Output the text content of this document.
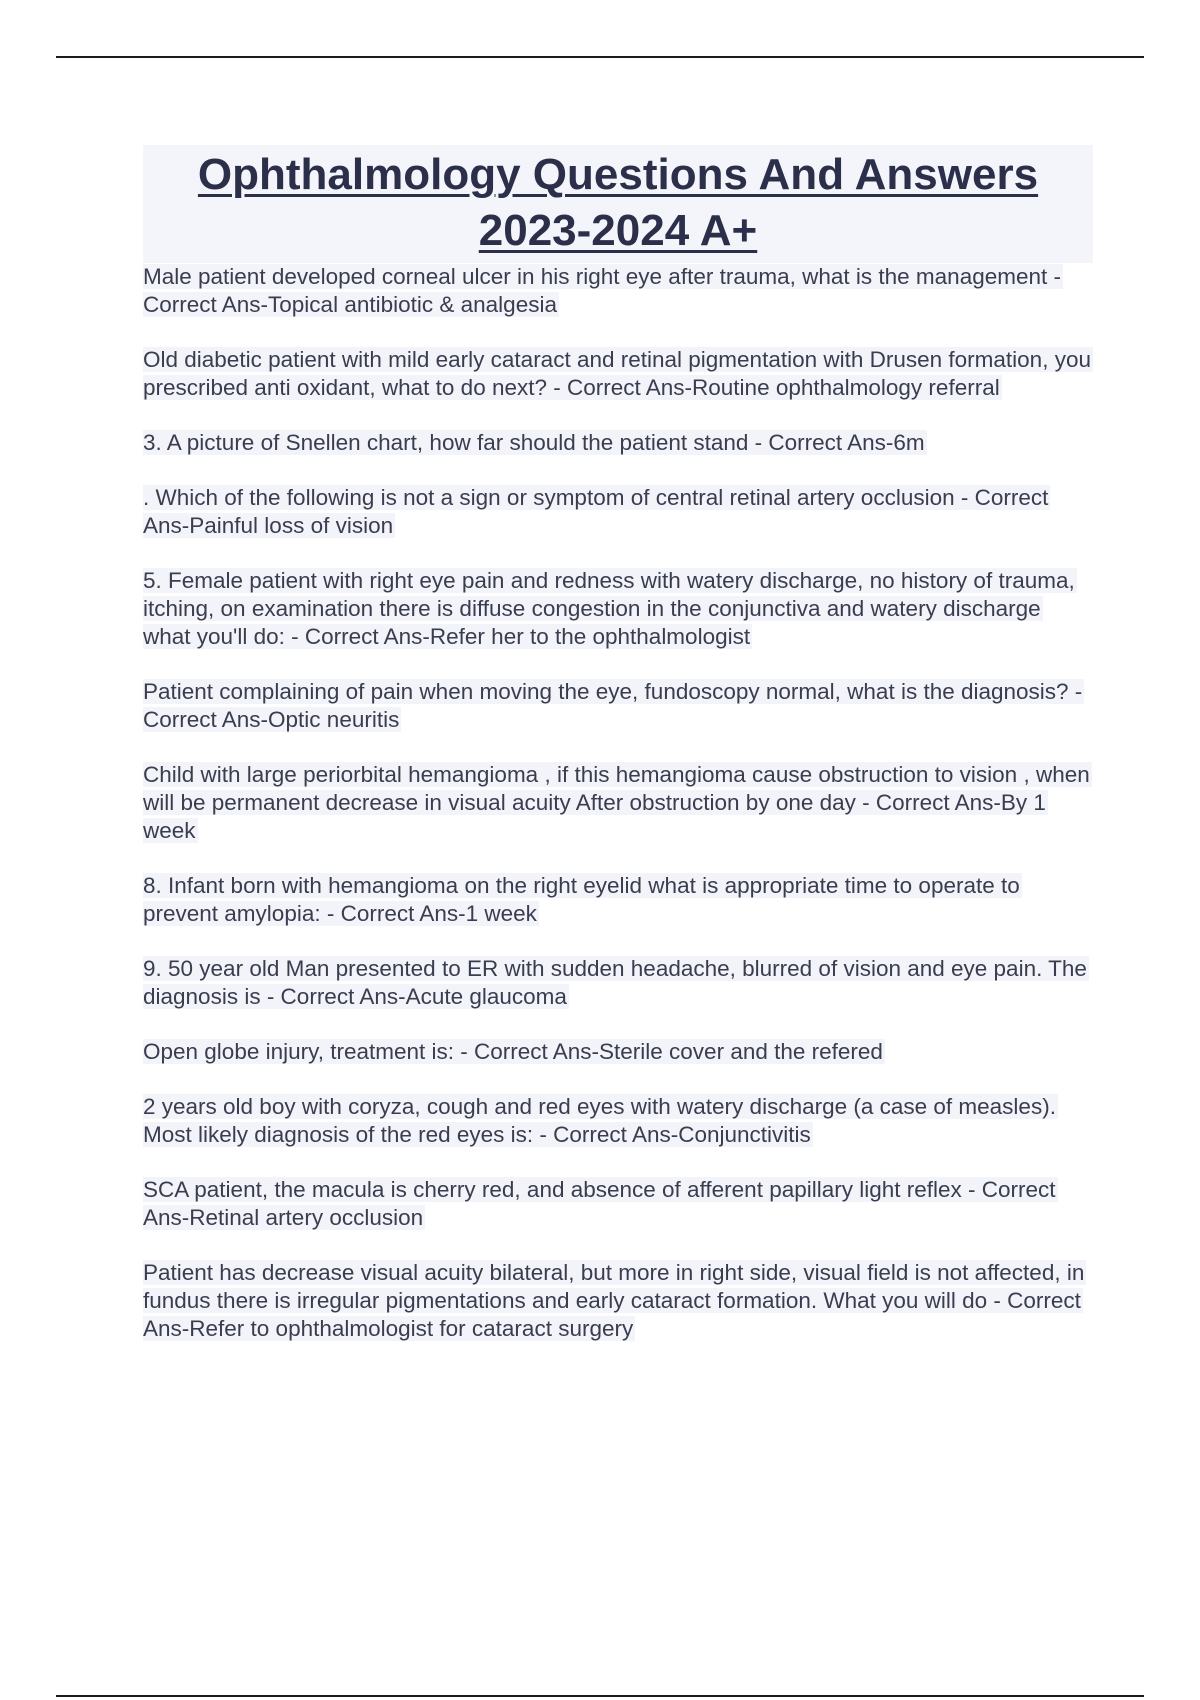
Ophthalmology Questions And Answers
2023-2024 A+
Male patient developed corneal ulcer in his right eye after trauma, what is the management - Correct Ans-Topical antibiotic & analgesia
Old diabetic patient with mild early cataract and retinal pigmentation with Drusen formation, you prescribed anti oxidant, what to do next? - Correct Ans-Routine ophthalmology referral
3. A picture of Snellen chart, how far should the patient stand - Correct Ans-6m
. Which of the following is not a sign or symptom of central retinal artery occlusion - Correct Ans-Painful loss of vision
5. Female patient with right eye pain and redness with watery discharge, no history of trauma, itching, on examination there is diffuse congestion in the conjunctiva and watery discharge what you'll do: - Correct Ans-Refer her to the ophthalmologist
Patient complaining of pain when moving the eye, fundoscopy normal, what is the diagnosis? - Correct Ans-Optic neuritis
Child with large periorbital hemangioma , if this hemangioma cause obstruction to vision , when will be permanent decrease in visual acuity After obstruction by one day - Correct Ans-By 1 week
8. Infant born with hemangioma on the right eyelid what is appropriate time to operate to prevent amylopia: - Correct Ans-1 week
9. 50 year old Man presented to ER with sudden headache, blurred of vision and eye pain. The diagnosis is - Correct Ans-Acute glaucoma
Open globe injury, treatment is: - Correct Ans-Sterile cover and the refered
2 years old boy with coryza, cough and red eyes with watery discharge (a case of measles). Most likely diagnosis of the red eyes is: - Correct Ans-Conjunctivitis
SCA patient, the macula is cherry red, and absence of afferent papillary light reflex - Correct Ans-Retinal artery occlusion
Patient has decrease visual acuity bilateral, but more in right side, visual field is not affected, in fundus there is irregular pigmentations and early cataract formation. What you will do - Correct Ans-Refer to ophthalmologist for cataract surgery
